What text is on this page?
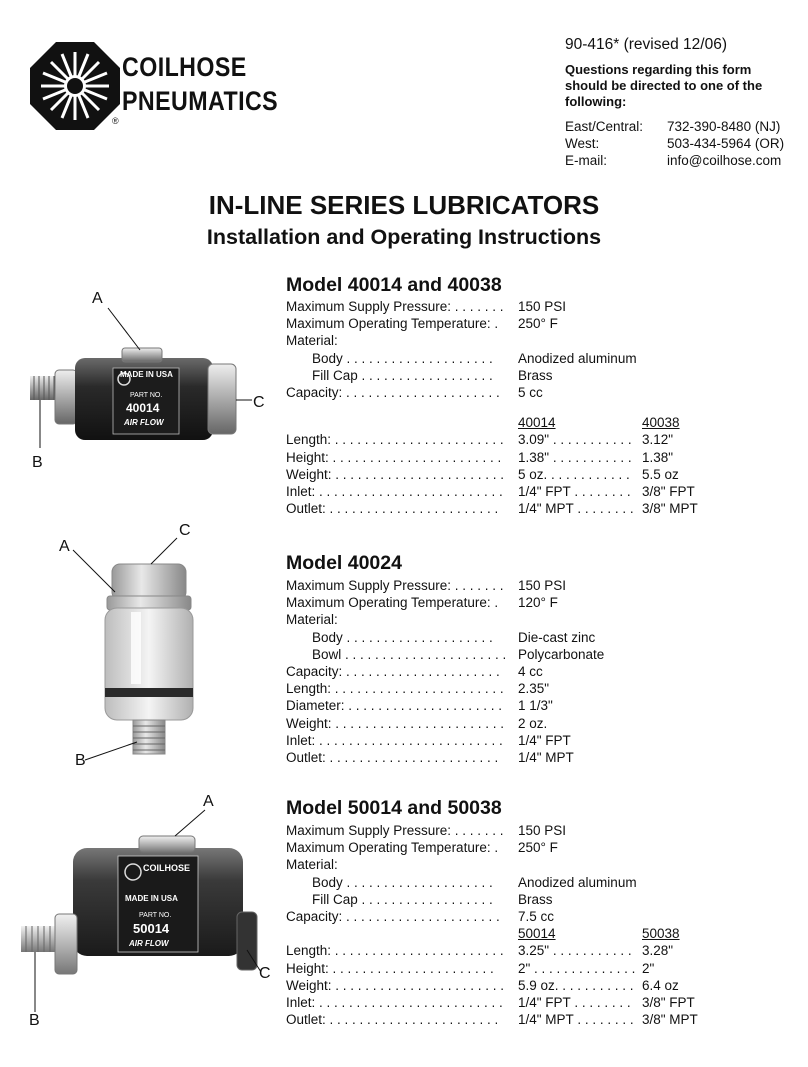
COILHOSE
PNEUMATICS
®
90-416* (revised 12/06)
Questions regarding this form should be directed to one of the following:
East/Central: 732-390-8480 (NJ)
West:	503-434-5964 (OR)
E-mail:	info@coilhose.com
IN-LINE SERIES LUBRICATORS
Installation and Operating Instructions
Model 40014 and 40038
Maximum Supply Pressure: . . . . . . . 150 PSI
Maximum Operating Temperature: . 250° F
Material:
Body . . . . . . . . . . . . . . . . . . . . Anodized aluminum
Fill Cap . . . . . . . . . . . . . . . . . . Brass
Capacity: . . . . . . . . . . . . . . . . . . . . . 5 cc
40014	40038
Length: . . . . . . . . . . . . . . . . . . . . . . . 3.09" . . . . . . . . . . . 3.12"
Height: . . . . . . . . . . . . . . . . . . . . . . . 1.38" . . . . . . . . . . . 1.38"
Weight: . . . . . . . . . . . . . . . . . . . . . . . 5 oz. . . . . . . . . . . . 5.5 oz
Inlet: . . . . . . . . . . . . . . . . . . . . . . . . . 1/4" FPT . . . . . . . . 3/8" FPT
Outlet: . . . . . . . . . . . . . . . . . . . . . . . 1/4" MPT . . . . . . . . 3/8" MPT
Model 40024
Maximum Supply Pressure: . . . . . . . 150 PSI
Maximum Operating Temperature: . 120° F
Material:
Body . . . . . . . . . . . . . . . . . . . . Die-cast zinc
Bowl . . . . . . . . . . . . . . . . . . . . . . Polycarbonate
Capacity: . . . . . . . . . . . . . . . . . . . . . 4 cc
Length: . . . . . . . . . . . . . . . . . . . . . . . 2.35"
Diameter: . . . . . . . . . . . . . . . . . . . . . 1 1/3"
Weight: . . . . . . . . . . . . . . . . . . . . . . . 2 oz.
Inlet: . . . . . . . . . . . . . . . . . . . . . . . . . 1/4" FPT
Outlet: . . . . . . . . . . . . . . . . . . . . . . . 1/4" MPT
Model 50014 and 50038
Maximum Supply Pressure: . . . . . . . 150 PSI
Maximum Operating Temperature: . 250° F
Material:
Body . . . . . . . . . . . . . . . . . . . . Anodized aluminum
Fill Cap . . . . . . . . . . . . . . . . . . Brass
Capacity: . . . . . . . . . . . . . . . . . . . . . 7.5 cc
50014	50038
Length: . . . . . . . . . . . . . . . . . . . . . . . 3.25" . . . . . . . . . . . 3.28"
Height: . . . . . . . . . . . . . . . . . . . . . . 2" . . . . . . . . . . . . . . 2"
Weight: . . . . . . . . . . . . . . . . . . . . . . . 5.9 oz. . . . . . . . . . . 6.4 oz
Inlet: . . . . . . . . . . . . . . . . . . . . . . . . . 1/4" FPT . . . . . . . . 3/8" FPT
Outlet: . . . . . . . . . . . . . . . . . . . . . . . 1/4" MPT . . . . . . . . 3/8" MPT
MADE IN USA
PART NO.
40014
AIR FLOW
A
B
C
A
B
C
COILHOSE
MADE IN USA
PART NO.
50014
AIR FLOW
A
B
C
